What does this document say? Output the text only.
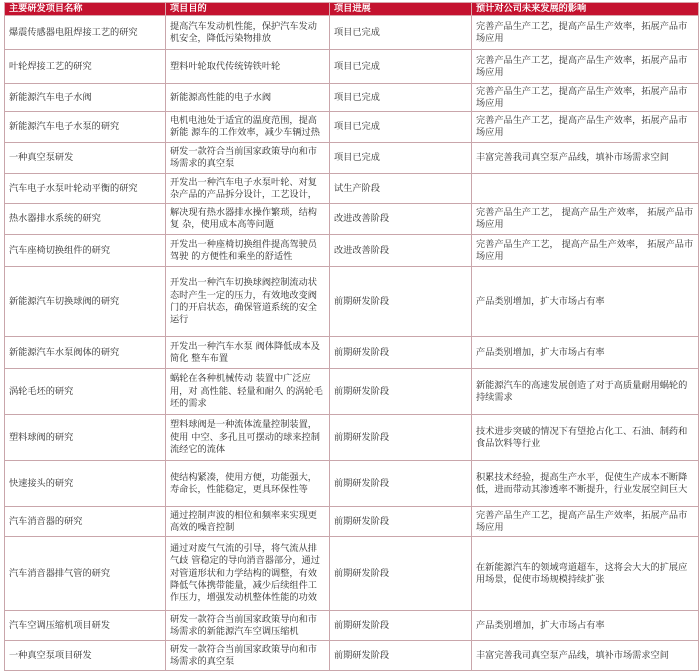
主要研发项目名称	项目目的	项目进展	预计对公司未来发展的影响
爆震传感器电阻焊接工艺的研究	提高汽车发动机性能，保护汽车发动机安全，降低污染物排放	项目已完成	完善产品生产工艺，提高产品生产效率，拓展产品市场应用
叶轮焊接工艺的研究	塑料叶轮取代传统铸铁叶轮	项目已完成	完善产品生产工艺，提高产品生产效率，拓展产品市场应用
新能源汽车电子水阀	新能源高性能的电子水阀	项目已完成	完善产品生产工艺，提高产品生产效率，拓展产品市场应用
新能源汽车电子水泵的研究	电机电池处于适宜的温度范围，提高新能 源车的工作效率，减少车辆过热	项目已完成	完善产品生产工艺，提高产品生产效率，拓展产品市场应用
一种真空泵研发	研发一款符合当前国家政策导向和市场需求的真空泵	项目已完成	丰富完善我司真空泵产品线，填补市场需求空间
汽车电子水泵叶轮动平衡的研究	开发出一种汽车电子水泵叶轮、对复杂产品的产品拆分设计，工艺设计，	试生产阶段	
热水器排水系统的研究	解决现有热水器排水操作繁琐，结构复 杂，使用成本高等问题	改进改善阶段	完善产品生产工艺， 提高产品生产效率， 拓展产品市场应用
汽车座椅切换组件的研究	开发出一种座椅切换组件提高驾驶员驾驶 的方便性和乘坐的舒适性	改进改善阶段	完善产品生产工艺， 提高产品生产效率， 拓展产品市场应用
新能源汽车切换球阀的研究	开发出一种汽车切换球阀控制流动状态时产生一定的压力，有效地改变阀门的开启状态，确保管道系统的安全运行	前期研发阶段	产品类别增加，扩大市场占有率
新能源汽车水泵阀体的研究	开发出一种汽车水泵 阀体降低成本及简化 整车布置	前期研发阶段	产品类别增加，扩大市场占有率
涡轮毛坯的研究	蜗轮在各种机械传动 装置中广泛应用，对 高性能、轻量和耐久 的涡轮毛坯的需求	前期研发阶段	新能源汽车的高速发展创造了对于高质量耐用蜗轮的持续需求
塑料球阀的研究	塑料球阀是一种流体流量控制装置，使用 中空、多孔且可摆动的球来控制流经它的流体	前期研发阶段	技术进步突破的情况下有望抢占化工、石油、制药和食品饮料等行业
快速接头的研究	使结构紧凑，使用方便，功能强大，寿命长，性能稳定，更具环保性等	前期研发阶段	积累技术经验，提高生产水平，促使生产成本不断降低，进而带动其渗透率不断提升，行业发展空间巨大
汽车消音器的研究	通过控制声波的相位和频率来实现更高效的噪音控制	前期研发阶段	完善产品生产工艺，提高产品生产效率，拓展产品市场应用
汽车消音器排气管的研究	通过对废气气流的引导，将气流从排气歧 管稳定的导向消音器部分，通过对管道形状和力学结构的调整，有效降低气体携带能量，减少后续组件工作压力，增强发动机整体性能的功效	前期研发阶段	在新能源汽车的领域弯道超车，这将会大大的扩展应用场景，促使市场规模持续扩张
汽车空调压缩机项目研发	研发一款符合当前国家政策导向和市场需求的新能源汽车空调压缩机	前期研发阶段	产品类别增加，扩大市场占有率
一种真空泵项目研发	研发一款符合当前国家政策导向和市场需求的真空泵	前期研发阶段	丰富完善我司真空泵产品线，填补市场需求空间
